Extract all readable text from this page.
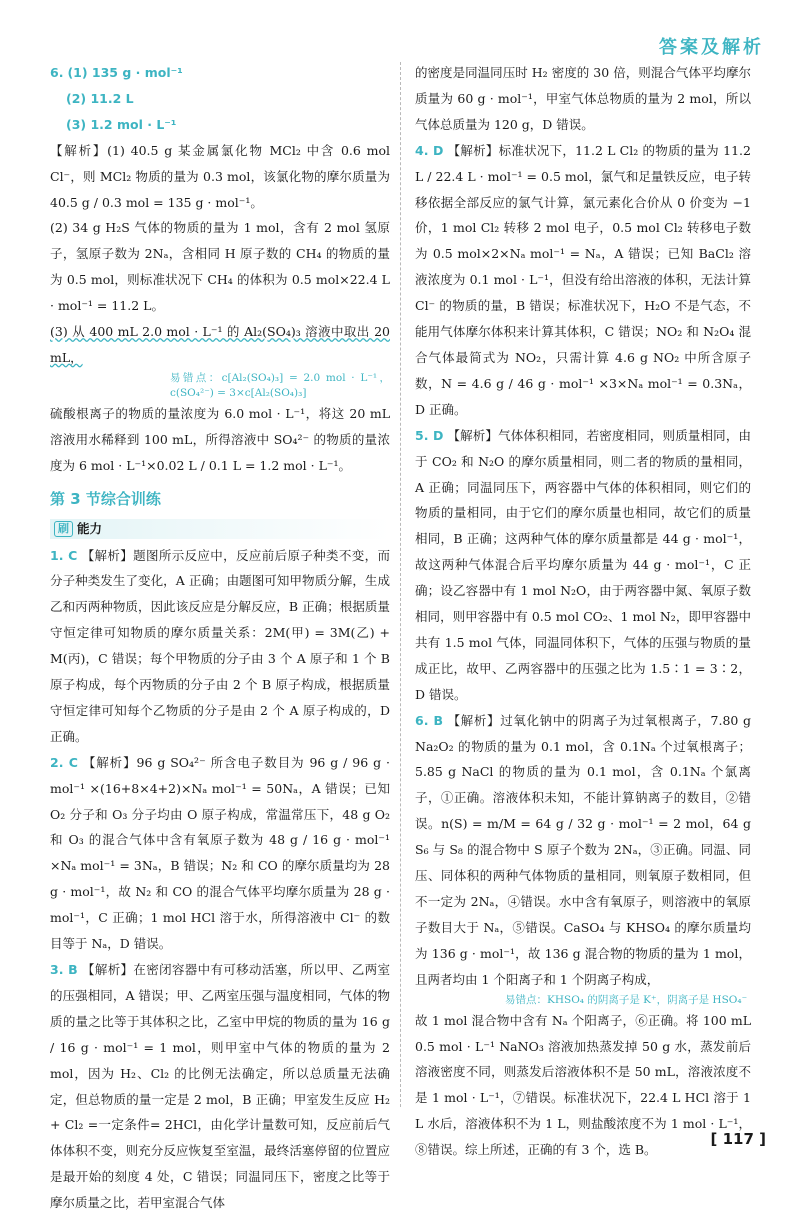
答案及解析

6. (1) 135 g · mol⁻¹

(2) 11.2 L

(3) 1.2 mol · L⁻¹

【解析】(1) 40.5 g 某金属氯化物 MCl₂ 中含 0.6 mol Cl⁻，则 MCl₂ 物质的量为 0.3 mol，该氯化物的摩尔质量为 40.5 g / 0.3 mol = 135 g · mol⁻¹。

(2) 34 g H₂S 气体的物质的量为 1 mol，含有 2 mol 氢原子，氢原子数为 2Nₐ，含相同 H 原子数的 CH₄ 的物质的量为 0.5 mol，则标准状况下 CH₄ 的体积为 0.5 mol×22.4 L · mol⁻¹ = 11.2 L。

(3) 从 400 mL 2.0 mol · L⁻¹ 的 Al₂(SO₄)₃ 溶液中取出 20 mL，

易错点：c[Al₂(SO₄)₃] = 2.0 mol · L⁻¹，c(SO₄²⁻) = 3×c[Al₂(SO₄)₃]

硫酸根离子的物质的量浓度为 6.0 mol · L⁻¹，将这 20 mL 溶液用水稀释到 100 mL，所得溶液中 SO₄²⁻ 的物质的量浓度为 6 mol · L⁻¹×0.02 L / 0.1 L = 1.2 mol · L⁻¹。

第 3 节综合训练

刷 能力

1. C 【解析】题图所示反应中，反应前后原子种类不变，而分子种类发生了变化，A 正确；由题图可知甲物质分解，生成乙和丙两种物质，因此该反应是分解反应，B 正确；根据质量守恒定律可知物质的摩尔质量关系：2M(甲) = 3M(乙) + M(丙)，C 错误；每个甲物质的分子由 3 个 A 原子和 1 个 B 原子构成，每个丙物质的分子由 2 个 B 原子构成，根据质量守恒定律可知每个乙物质的分子是由 2 个 A 原子构成的，D 正确。

2. C 【解析】96 g SO₄²⁻ 所含电子数目为 96 g / 96 g · mol⁻¹ ×(16+8×4+2)×Nₐ mol⁻¹ = 50Nₐ，A 错误；已知 O₂ 分子和 O₃ 分子均由 O 原子构成，常温常压下，48 g O₂ 和 O₃ 的混合气体中含有氧原子数为 48 g / 16 g · mol⁻¹ ×Nₐ mol⁻¹ = 3Nₐ，B 错误；N₂ 和 CO 的摩尔质量均为 28 g · mol⁻¹，故 N₂ 和 CO 的混合气体平均摩尔质量为 28 g · mol⁻¹，C 正确；1 mol HCl 溶于水，所得溶液中 Cl⁻ 的数目等于 Nₐ，D 错误。

3. B 【解析】在密闭容器中有可移动活塞，所以甲、乙两室的压强相同，A 错误；甲、乙两室压强与温度相同，气体的物质的量之比等于其体积之比，乙室中甲烷的物质的量为 16 g / 16 g · mol⁻¹ = 1 mol，则甲室中气体的物质的量为 2 mol，因为 H₂、Cl₂ 的比例无法确定，所以总质量无法确定，但总物质的量一定是 2 mol，B 正确；甲室发生反应 H₂ + Cl₂ =一定条件= 2HCl，由化学计量数可知，反应前后气体体积不变，则充分反应恢复至室温，最终活塞停留的位置应是最开始的刻度 4 处，C 错误；同温同压下，密度之比等于摩尔质量之比，若甲室混合气体

的密度是同温同压时 H₂ 密度的 30 倍，则混合气体平均摩尔质量为 60 g · mol⁻¹，甲室气体总物质的量为 2 mol，所以气体总质量为 120 g，D 错误。

4. D 【解析】标准状况下，11.2 L Cl₂ 的物质的量为 11.2 L / 22.4 L · mol⁻¹ = 0.5 mol，氯气和足量铁反应，电子转移依据全部反应的氯气计算，氯元素化合价从 0 价变为 −1 价，1 mol Cl₂ 转移 2 mol 电子，0.5 mol Cl₂ 转移电子数为 0.5 mol×2×Nₐ mol⁻¹ = Nₐ，A 错误；已知 BaCl₂ 溶液浓度为 0.1 mol · L⁻¹，但没有给出溶液的体积，无法计算 Cl⁻ 的物质的量，B 错误；标准状况下，H₂O 不是气态，不能用气体摩尔体积来计算其体积，C 错误；NO₂ 和 N₂O₄ 混合气体最简式为 NO₂，只需计算 4.6 g NO₂ 中所含原子数，N = 4.6 g / 46 g · mol⁻¹ ×3×Nₐ mol⁻¹ = 0.3Nₐ，D 正确。

5. D 【解析】气体体积相同，若密度相同，则质量相同，由于 CO₂ 和 N₂O 的摩尔质量相同，则二者的物质的量相同，A 正确；同温同压下，两容器中气体的体积相同，则它们的物质的量相同，由于它们的摩尔质量也相同，故它们的质量相同，B 正确；这两种气体的摩尔质量都是 44 g · mol⁻¹，故这两种气体混合后平均摩尔质量为 44 g · mol⁻¹，C 正确；设乙容器中有 1 mol N₂O，由于两容器中氮、氧原子数相同，则甲容器中有 0.5 mol CO₂、1 mol N₂，即甲容器中共有 1.5 mol 气体，同温同体积下，气体的压强与物质的量成正比，故甲、乙两容器中的压强之比为 1.5∶1 = 3∶2，D 错误。

6. B 【解析】过氧化钠中的阴离子为过氧根离子，7.80 g Na₂O₂ 的物质的量为 0.1 mol，含 0.1Nₐ 个过氧根离子；5.85 g NaCl 的物质的量为 0.1 mol，含 0.1Nₐ 个氯离子，①正确。溶液体积未知，不能计算钠离子的数目，②错误。n(S) = m/M = 64 g / 32 g · mol⁻¹ = 2 mol，64 g S₆ 与 S₈ 的混合物中 S 原子个数为 2Nₐ，③正确。同温、同压、同体积的两种气体物质的量相同，则氧原子数相同，但不一定为 2Nₐ，④错误。水中含有氧原子，则溶液中的氧原子数目大于 Nₐ，⑤错误。CaSO₄ 与 KHSO₄ 的摩尔质量均为 136 g · mol⁻¹，故 136 g 混合物的物质的量为 1 mol，且两者均由 1 个阳离子和 1 个阴离子构成，

易错点：KHSO₄ 的阴离子是 K⁺，阴离子是 HSO₄⁻

故 1 mol 混合物中含有 Nₐ 个阳离子，⑥正确。将 100 mL 0.5 mol · L⁻¹ NaNO₃ 溶液加热蒸发掉 50 g 水，蒸发前后溶液密度不同，则蒸发后溶液体积不是 50 mL，溶液浓度不是 1 mol · L⁻¹，⑦错误。标准状况下，22.4 L HCl 溶于 1 L 水后，溶液体积不为 1 L，则盐酸浓度不为 1 mol · L⁻¹，⑧错误。综上所述，正确的有 3 个，选 B。

[ 117 ]
